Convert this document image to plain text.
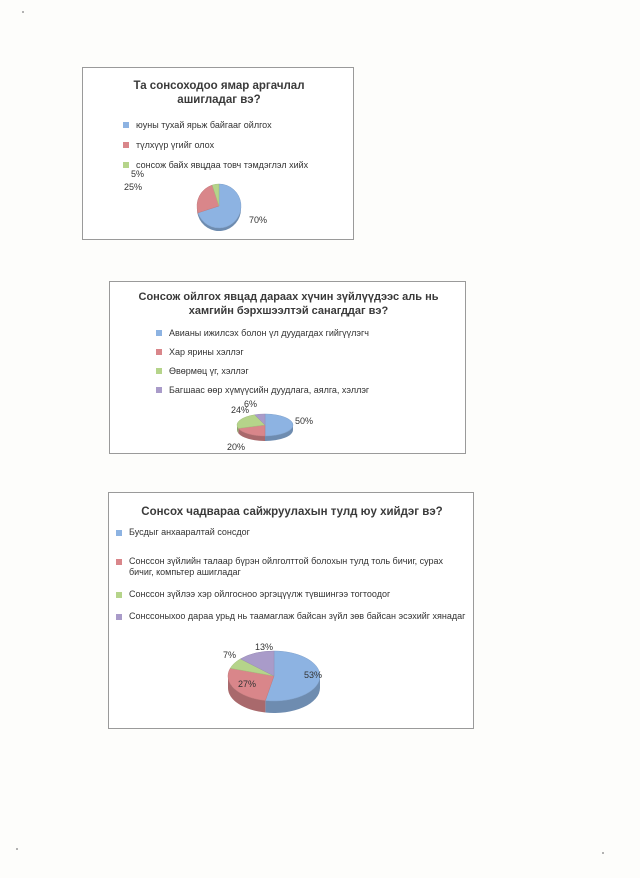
Та сонсоходоо ямар аргачлал ашигладаг вэ?
юуны тухай ярьж байгааг ойлгох
түлхүүр үгийг олох
сонсож байх явцдаа товч тэмдэглэл хийх
70%
25%
5%
Сонсож ойлгох явцад дараах хүчин зүйлүүдээс аль нь хамгийн бэрхшээлтэй санагддаг вэ?
Авианы ижилсэх болон үл дуудагдах гийгүүлэгч
Хар ярины хэллэг
Өвөрмөц үг, хэллэг
Багшаас өөр хүмүүсийн дуудлага, аялга, хэллэг
50%
20%
24%
6%
Сонсох чадвараа сайжруулахын тулд юу хийдэг вэ?
Бусдыг анхааралтай сонсдог
Сонссон зүйлийн талаар бүрэн ойлголттой болохын тулд толь бичиг, сурах бичиг, компьтер ашигладаг
Сонссон зүйлээ хэр ойлгосноо эргэцүүлж түвшингээ тогтоодог
Сонссоныхоо дараа урьд нь таамаглаж байсан зүйл зөв байсан эсэхийг хянадаг
53%
27%
7%
13%
